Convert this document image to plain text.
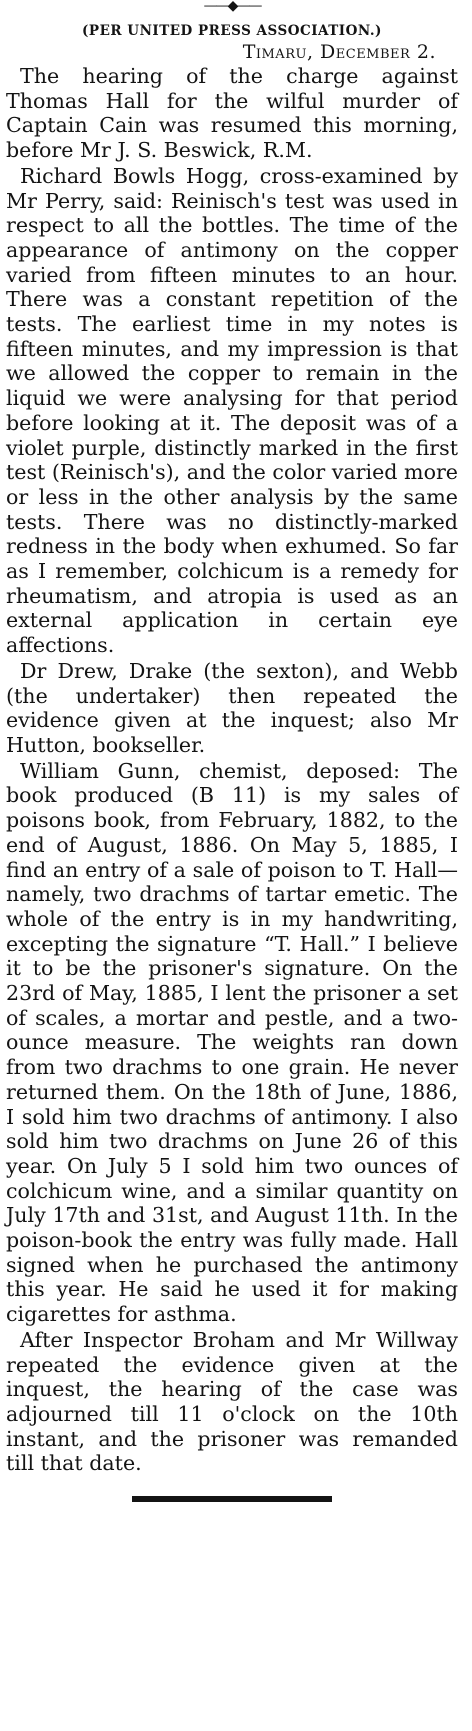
——◆——
(PER UNITED PRESS ASSOCIATION.)
Timaru, December 2.

The hearing of the charge against Thomas Hall for the wilful murder of Captain Cain was resumed this morning, before Mr J. S. Beswick, R.M.

Richard Bowls Hogg, cross-examined by Mr Perry, said: Reinisch's test was used in respect to all the bottles. The time of the appearance of antimony on the copper varied from fifteen minutes to an hour. There was a constant repetition of the tests. The earliest time in my notes is fifteen minutes, and my impression is that we allowed the copper to remain in the liquid we were analysing for that period before looking at it. The deposit was of a violet purple, distinctly marked in the first test (Reinisch's), and the color varied more or less in the other analysis by the same tests. There was no distinctly-marked redness in the body when exhumed. So far as I remember, colchicum is a remedy for rheumatism, and atropia is used as an external application in certain eye affections.

Dr Drew, Drake (the sexton), and Webb (the undertaker) then repeated the evidence given at the inquest; also Mr Hutton, bookseller.

William Gunn, chemist, deposed: The book produced (B 11) is my sales of poisons book, from February, 1882, to the end of August, 1886. On May 5, 1885, I find an entry of a sale of poison to T. Hall—namely, two drachms of tartar emetic. The whole of the entry is in my handwriting, excepting the signature “T. Hall.” I believe it to be the prisoner's signature. On the 23rd of May, 1885, I lent the prisoner a set of scales, a mortar and pestle, and a two-ounce measure. The weights ran down from two drachms to one grain. He never returned them. On the 18th of June, 1886, I sold him two drachms of antimony. I also sold him two drachms on June 26 of this year. On July 5 I sold him two ounces of colchicum wine, and a similar quantity on July 17th and 31st, and August 11th. In the poison-book the entry was fully made. Hall signed when he purchased the antimony this year. He said he used it for making cigarettes for asthma.

After Inspector Broham and Mr Willway repeated the evidence given at the inquest, the hearing of the case was adjourned till 11 o'clock on the 10th instant, and the prisoner was remanded till that date.
